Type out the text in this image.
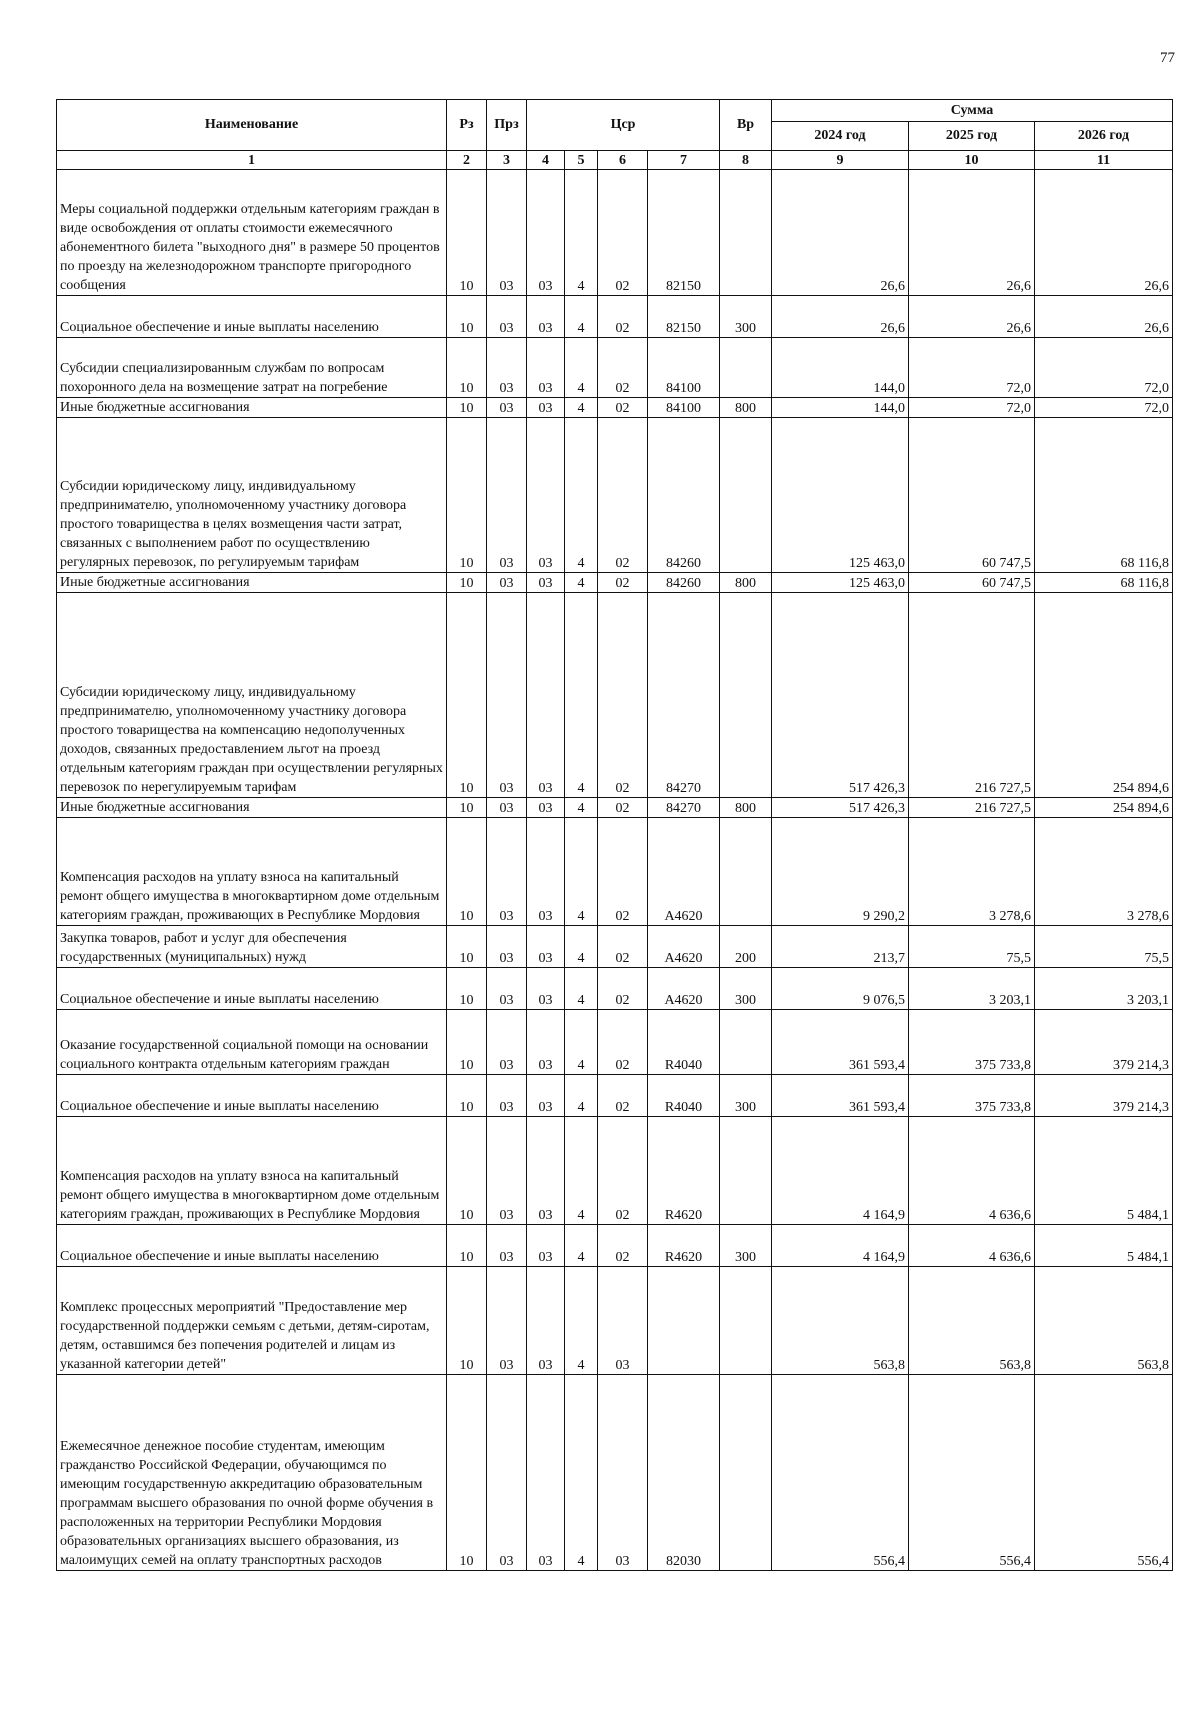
77
Наименование	Рз	Прз	Цср				Вр	Сумма		
								2024 год	2025 год	2026 год
1	2	3	4	5	6	7	8	9	10	11
Меры социальной поддержки отдельным категориям граждан в виде освобождения от оплаты стоимости ежемесячного абонементного билета "выходного дня" в размере 50 процентов по проезду на железнодорожном транспорте пригородного сообщения	10	03	03	4	02	82150		26,6	26,6	26,6
Социальное обеспечение и иные выплаты населению	10	03	03	4	02	82150	300	26,6	26,6	26,6
Субсидии специализированным службам по вопросам похоронного дела на возмещение затрат на погребение	10	03	03	4	02	84100		144,0	72,0	72,0
Иные бюджетные ассигнования	10	03	03	4	02	84100	800	144,0	72,0	72,0
Субсидии юридическому лицу, индивидуальному предпринимателю, уполномоченному участнику договора простого товарищества в целях возмещения части затрат, связанных с выполнением работ по осуществлению регулярных перевозок, по регулируемым тарифам	10	03	03	4	02	84260		125 463,0	60 747,5	68 116,8
Иные бюджетные ассигнования	10	03	03	4	02	84260	800	125 463,0	60 747,5	68 116,8
Субсидии юридическому лицу, индивидуальному предпринимателю, уполномоченному участнику договора простого товарищества на компенсацию недополученных доходов, связанных предоставлением льгот на проезд отдельным категориям граждан при осуществлении регулярных перевозок по нерегулируемым тарифам	10	03	03	4	02	84270		517 426,3	216 727,5	254 894,6
Иные бюджетные ассигнования	10	03	03	4	02	84270	800	517 426,3	216 727,5	254 894,6
Компенсация расходов на уплату взноса на капитальный ремонт общего имущества в многоквартирном доме отдельным категориям граждан, проживающих в Республике Мордовия	10	03	03	4	02	А4620		9 290,2	3 278,6	3 278,6
Закупка товаров, работ и услуг для обеспечения государственных (муниципальных) нужд	10	03	03	4	02	А4620	200	213,7	75,5	75,5
Социальное обеспечение и иные выплаты населению	10	03	03	4	02	А4620	300	9 076,5	3 203,1	3 203,1
Оказание государственной социальной помощи на основании социального контракта отдельным категориям граждан	10	03	03	4	02	R4040		361 593,4	375 733,8	379 214,3
Социальное обеспечение и иные выплаты населению	10	03	03	4	02	R4040	300	361 593,4	375 733,8	379 214,3
Компенсация расходов на уплату взноса на капитальный ремонт общего имущества в многоквартирном доме отдельным категориям граждан, проживающих в Республике Мордовия	10	03	03	4	02	R4620		4 164,9	4 636,6	5 484,1
Социальное обеспечение и иные выплаты населению	10	03	03	4	02	R4620	300	4 164,9	4 636,6	5 484,1
Комплекс процессных мероприятий "Предоставление мер государственной поддержки семьям с детьми, детям-сиротам, детям, оставшимся без попечения родителей и лицам из указанной категории детей"	10	03	03	4	03			563,8	563,8	563,8
Ежемесячное денежное пособие студентам, имеющим гражданство Российской Федерации, обучающимся по имеющим государственную аккредитацию образовательным программам высшего образования по очной форме обучения в расположенных на территории Республики Мордовия образовательных организациях высшего образования, из малоимущих семей на оплату транспортных расходов	10	03	03	4	03	82030		556,4	556,4	556,4
